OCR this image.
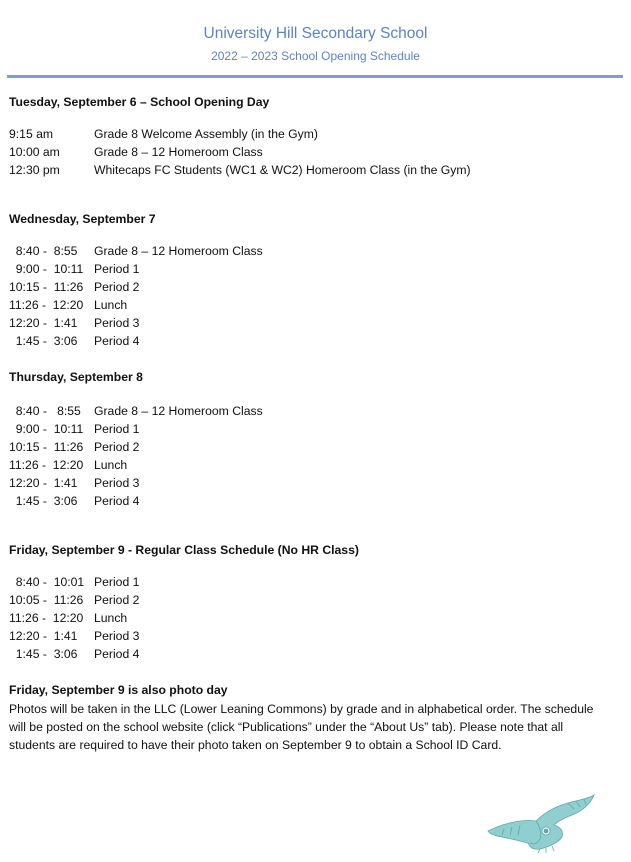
University Hill Secondary School
2022 – 2023 School Opening Schedule
Tuesday, September 6 – School Opening Day
9:15 am	Grade 8 Welcome Assembly (in the Gym)
10:00 am	Grade 8 – 12 Homeroom Class
12:30 pm	Whitecaps FC Students (WC1 & WC2) Homeroom Class (in the Gym)
Wednesday, September 7
8:40 -  8:55 Grade 8 – 12 Homeroom Class
9:00 -  10:11 Period 1
10:15 -  11:26 Period 2
11:26 -  12:20 Lunch
12:20 -  1:41 Period 3
1:45 -  3:06 Period 4
Thursday, September 8
8:40 -   8:55 Grade 8 – 12 Homeroom Class
9:00 -  10:11 Period 1
10:15 -  11:26 Period 2
11:26 -  12:20 Lunch
12:20 -  1:41 Period 3
1:45 -  3:06 Period 4
Friday, September 9 - Regular Class Schedule (No HR Class)
8:40 -  10:01 Period 1
10:05 -  11:26 Period 2
11:26 -  12:20 Lunch
12:20 -  1:41 Period 3
1:45 -  3:06 Period 4
Friday, September 9 is also photo day
Photos will be taken in the LLC (Lower Leaning Commons) by grade and in alphabetical order. The schedule will be posted on the school website (click “Publications” under the “About Us” tab). Please note that all students are required to have their photo taken on September 9 to obtain a School ID Card.
